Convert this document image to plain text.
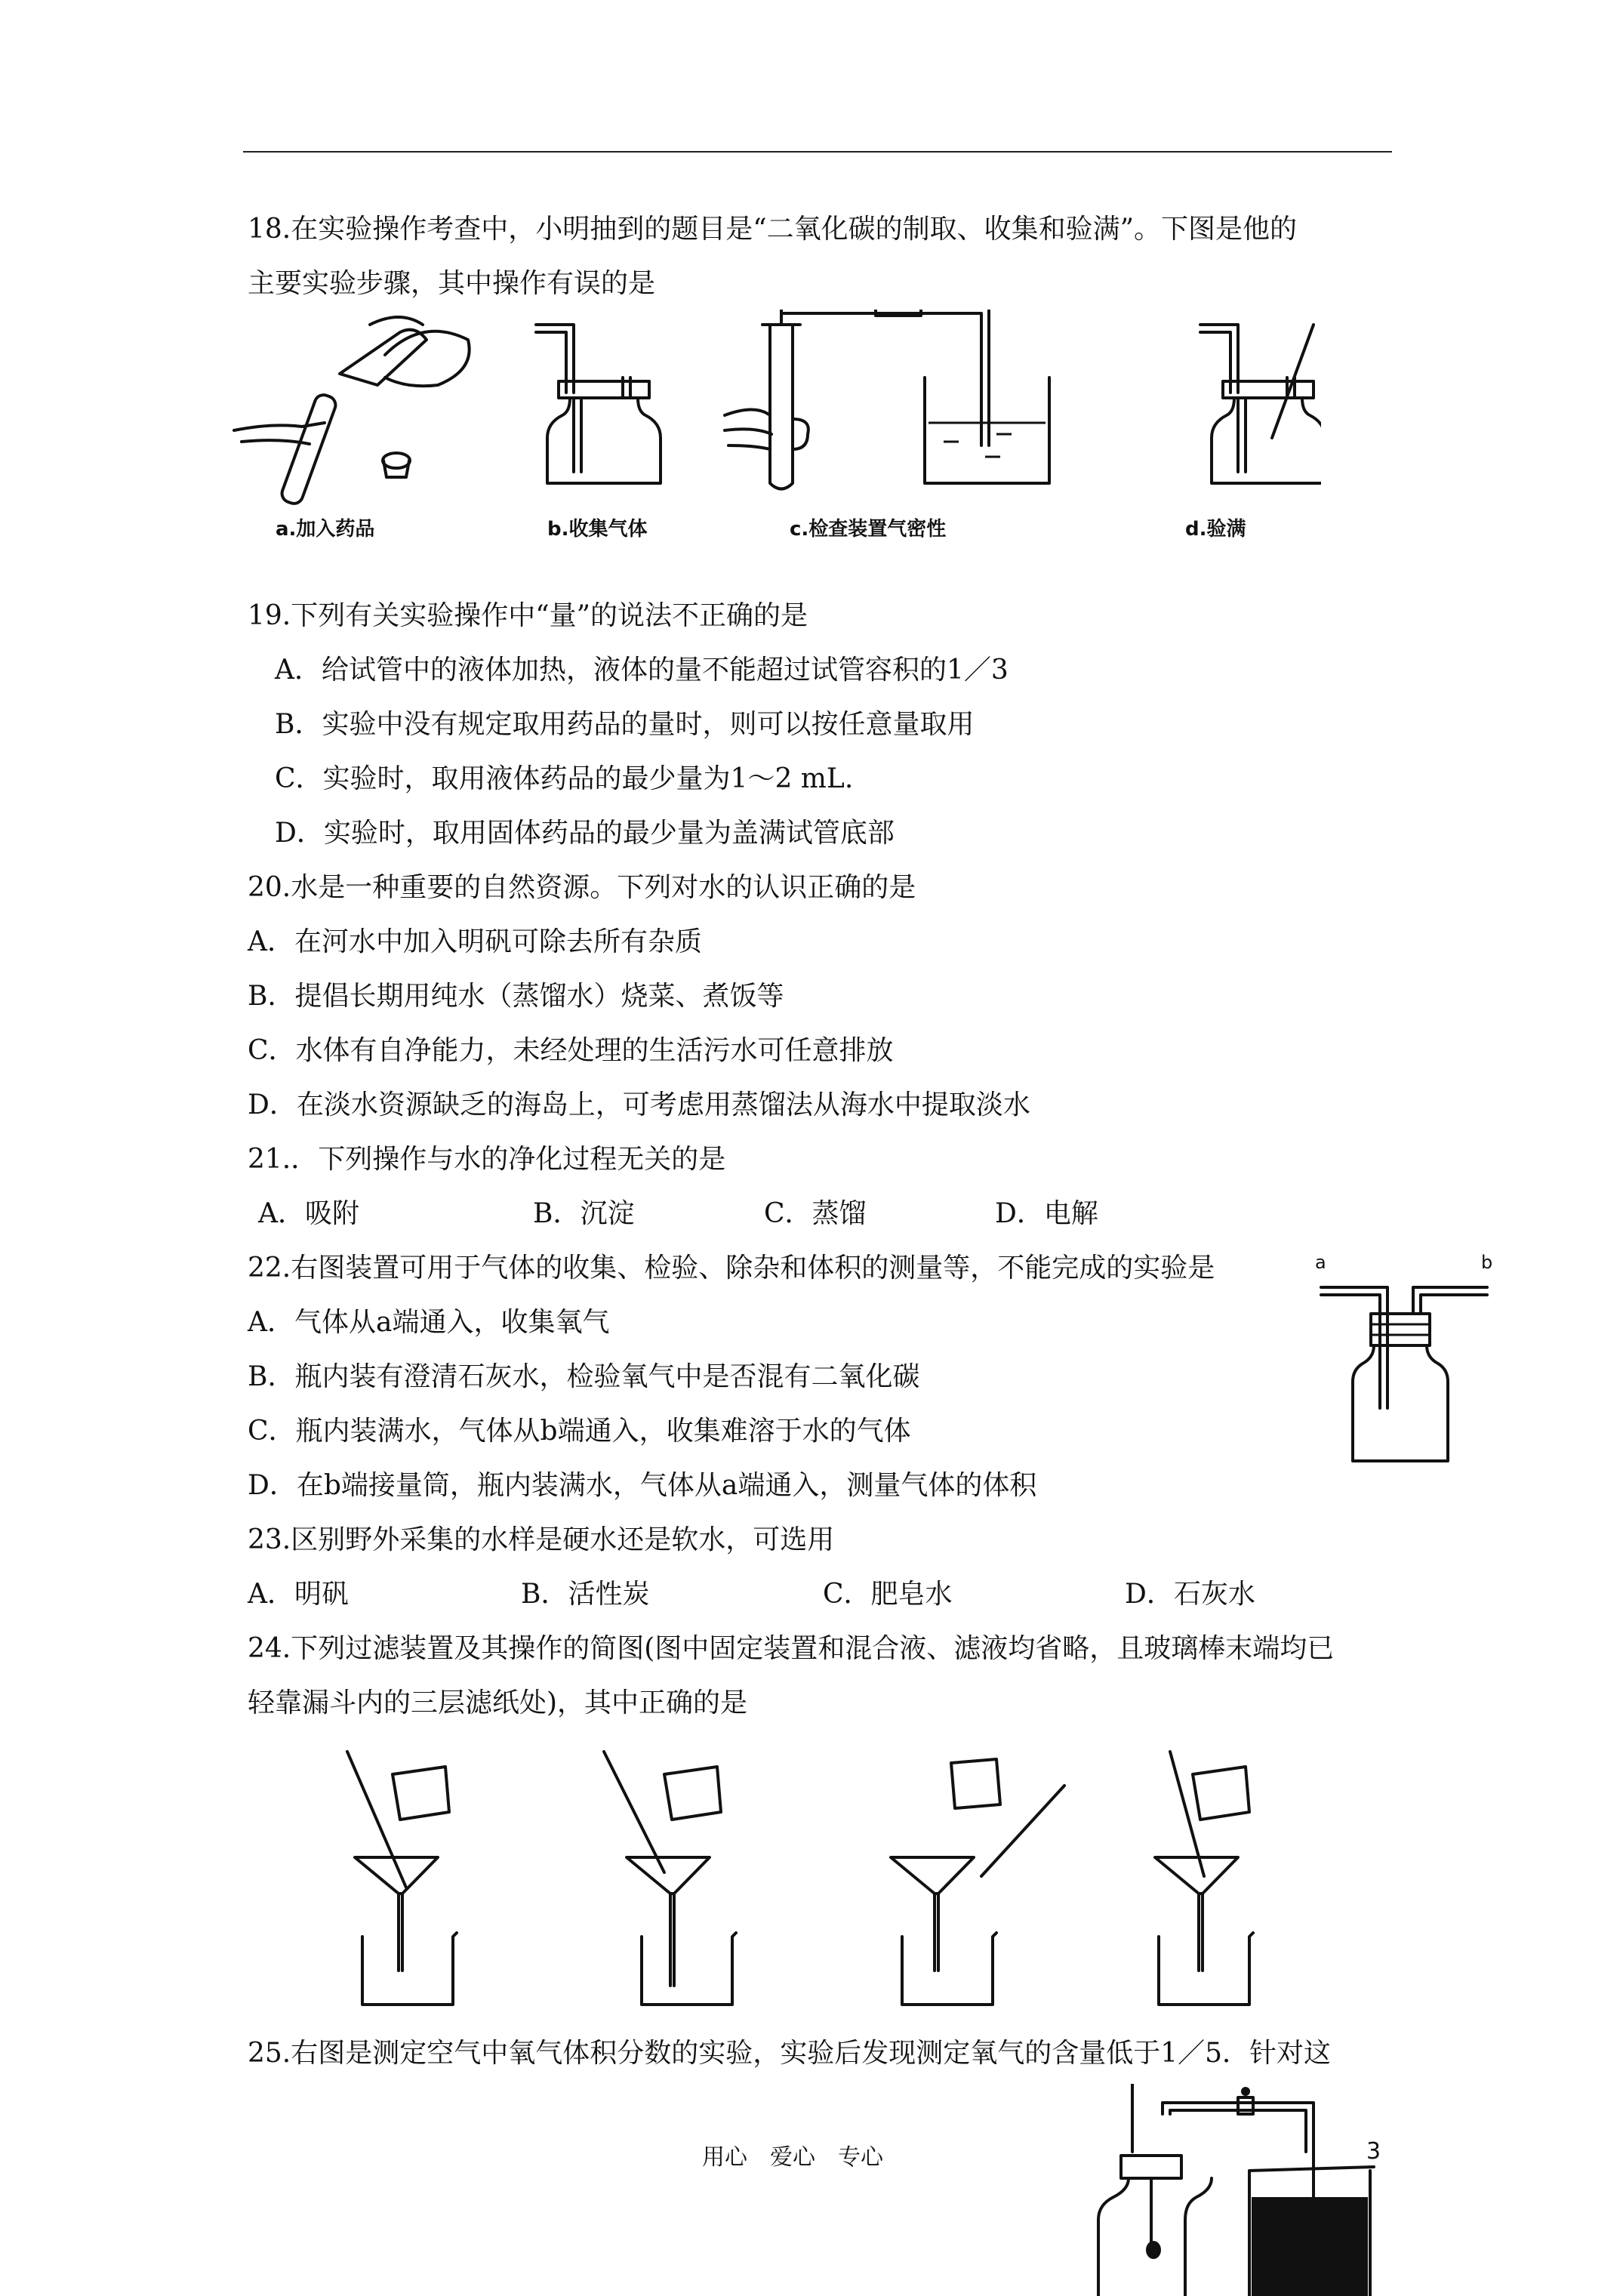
18.在实验操作考查中，小明抽到的题目是“二氧化碳的制取、收集和验满”。下图是他的
主要实验步骤，其中操作有误的是
a.加入药品	b.收集气体	c.检查装置气密性	d.验满
19.下列有关实验操作中“量”的说法不正确的是
A．给试管中的液体加热，液体的量不能超过试管容积的1／3
B．实验中没有规定取用药品的量时，则可以按任意量取用
C．实验时，取用液体药品的最少量为1～2 mL.
D．实验时，取用固体药品的最少量为盖满试管底部
20.水是一种重要的自然资源。下列对水的认识正确的是
A．在河水中加入明矾可除去所有杂质
B．提倡长期用纯水（蒸馏水）烧菜、煮饭等
C．水体有自净能力，未经处理的生活污水可任意排放
D．在淡水资源缺乏的海岛上，可考虑用蒸馏法从海水中提取淡水
21.．下列操作与水的净化过程无关的是
A．吸附	B．沉淀	C．蒸馏	D．电解
22.右图装置可用于气体的收集、检验、除杂和体积的测量等，不能完成的实验是
A．气体从a端通入，收集氧气
B．瓶内装有澄清石灰水，检验氧气中是否混有二氧化碳
C．瓶内装满水，气体从b端通入，收集难溶于水的气体
D．在b端接量筒，瓶内装满水，气体从a端通入，测量气体的体积
a	b
23.区别野外采集的水样是硬水还是软水，可选用
A．明矾	B．活性炭	C．肥皂水	D．石灰水
24.下列过滤装置及其操作的简图(图中固定装置和混合液、滤液均省略，且玻璃棒末端均已
轻靠漏斗内的三层滤纸处)，其中正确的是
25.右图是测定空气中氧气体积分数的实验，实验后发现测定氧气的含量低于1／5．针对这
用心　爱心　专心	3
